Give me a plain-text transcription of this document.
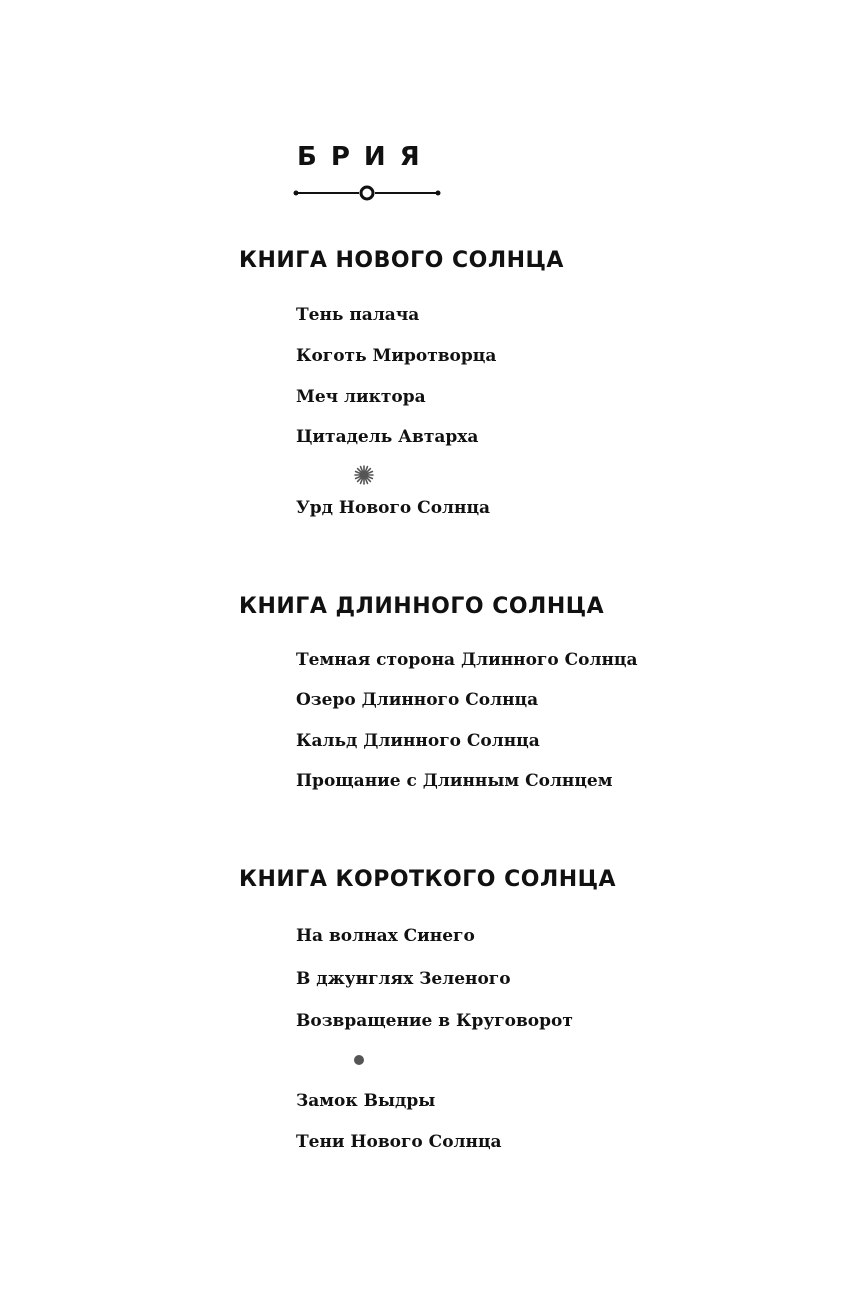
БРИЯ
КНИГА НОВОГО СОЛНЦА
Тень палача
Коготь Миротворца
Меч ликтора
Цитадель Автарха
Урд Нового Солнца
КНИГА ДЛИННОГО СОЛНЦА
Темная сторона Длинного Солнца
Озеро Длинного Солнца
Кальд Длинного Солнца
Прощание с Длинным Солнцем
КНИГА КОРОТКОГО СОЛНЦА
На волнах Синего
В джунглях Зеленого
Возвращение в Круговорот
Замок Выдры
Тени Нового Солнца
